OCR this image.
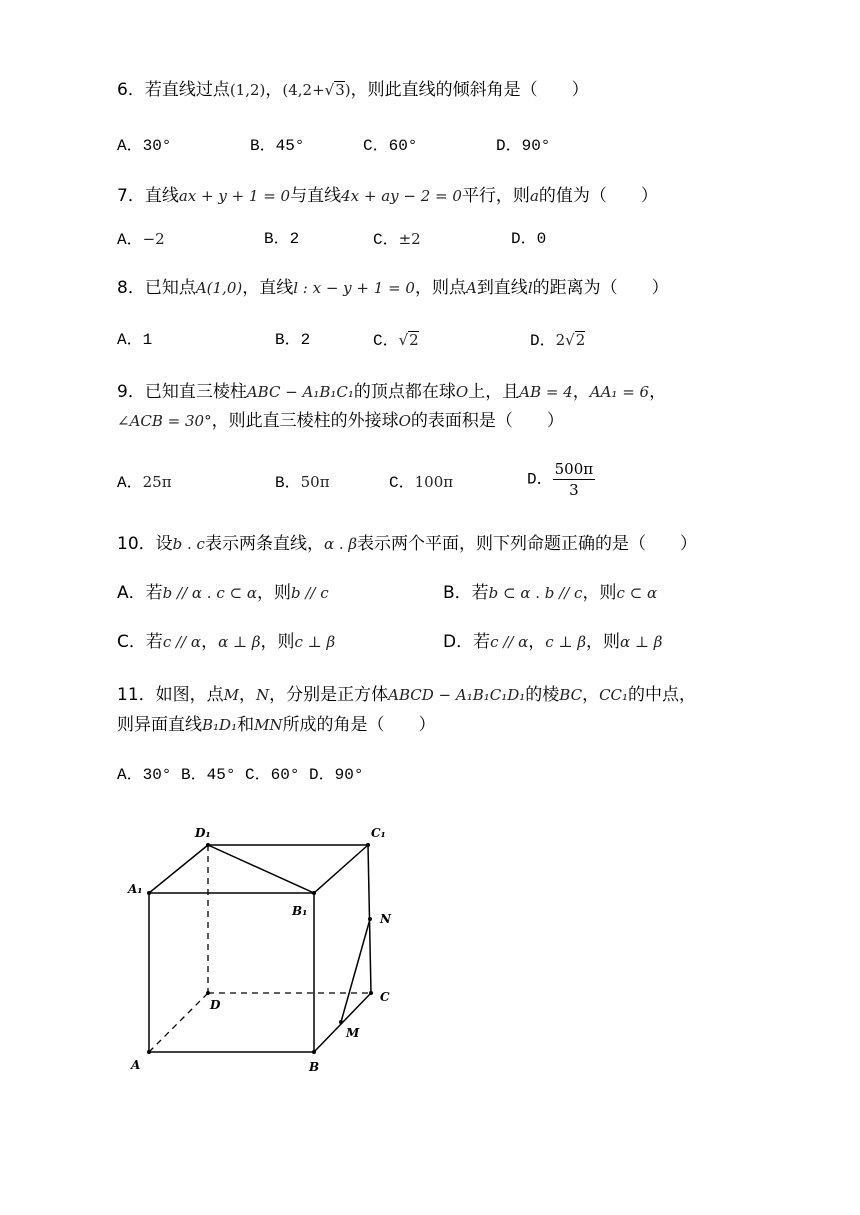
6．若直线过点(1,2)，(4,2+√3)，则此直线的倾斜角是（　　）
A．30°	B．45°	C．60°	D．90°
7．直线ax + y + 1 = 0与直线4x + ay − 2 = 0平行，则a的值为（　　）
A．−2	B．2	C．±2	D．0
8．已知点A(1,0)，直线l : x − y + 1 = 0，则点A到直线l的距离为（　　）
A．1	B．2	C．√2	D．2√2
9．已知直三棱柱ABC − A₁B₁C₁的顶点都在球O上，且AB = 4，AA₁ = 6，
∠ACB = 30°，则此直三棱柱的外接球O的表面积是（　　）
A．25π	B．50π	C．100π	D． $\frac{500\pi}{3}$
10．设b . c表示两条直线，α . β表示两个平面，则下列命题正确的是（　　）
A．若b // α . c ⊂ α，则b // c	B．若b ⊂ α . b // c，则c ⊂ α
C．若c // α，α ⊥ β，则c ⊥ β	D．若c // α，c ⊥ β，则α ⊥ β
11．如图，点M，N，分别是正方体ABCD − A₁B₁C₁D₁的棱BC，CC₁的中点，
则异面直线B₁D₁和MN所成的角是（　　）
A．30° B．45° C．60° D．90°
D₁	C₁
A₁
B₁
N
D
C
M
A	B
